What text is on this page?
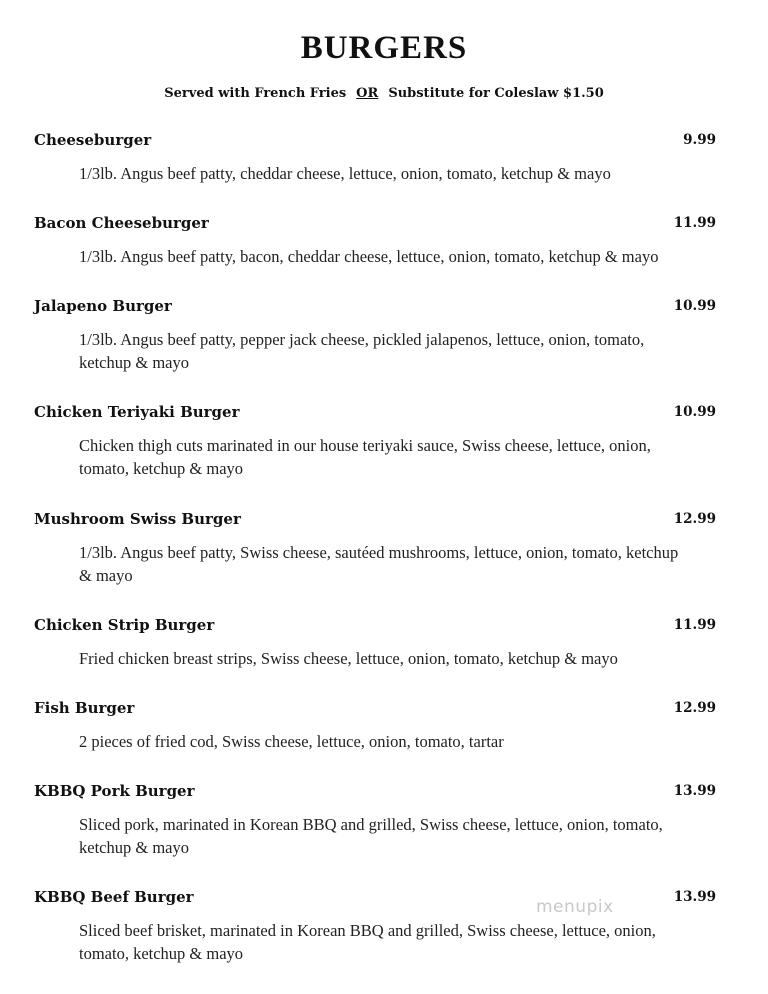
BURGERS
Served with French Fries OR Substitute for Coleslaw $1.50
Cheeseburger	9.99
1/3lb. Angus beef patty, cheddar cheese, lettuce, onion, tomato, ketchup & mayo
Bacon Cheeseburger	11.99
1/3lb. Angus beef patty, bacon, cheddar cheese, lettuce, onion, tomato, ketchup & mayo
Jalapeno Burger	10.99
1/3lb. Angus beef patty, pepper jack cheese, pickled jalapenos, lettuce, onion, tomato, ketchup & mayo
Chicken Teriyaki Burger	10.99
Chicken thigh cuts marinated in our house teriyaki sauce, Swiss cheese, lettuce, onion, tomato, ketchup & mayo
Mushroom Swiss Burger	12.99
1/3lb. Angus beef patty, Swiss cheese, sautéed mushrooms, lettuce, onion, tomato, ketchup & mayo
Chicken Strip Burger	11.99
Fried chicken breast strips, Swiss cheese, lettuce, onion, tomato, ketchup & mayo
Fish Burger	12.99
2 pieces of fried cod, Swiss cheese, lettuce, onion, tomato, tartar
KBBQ Pork Burger	13.99
Sliced pork, marinated in Korean BBQ and grilled, Swiss cheese, lettuce, onion, tomato, ketchup & mayo
KBBQ Beef Burger	13.99
Sliced beef brisket, marinated in Korean BBQ and grilled, Swiss cheese, lettuce, onion, tomato, ketchup & mayo
menupix
